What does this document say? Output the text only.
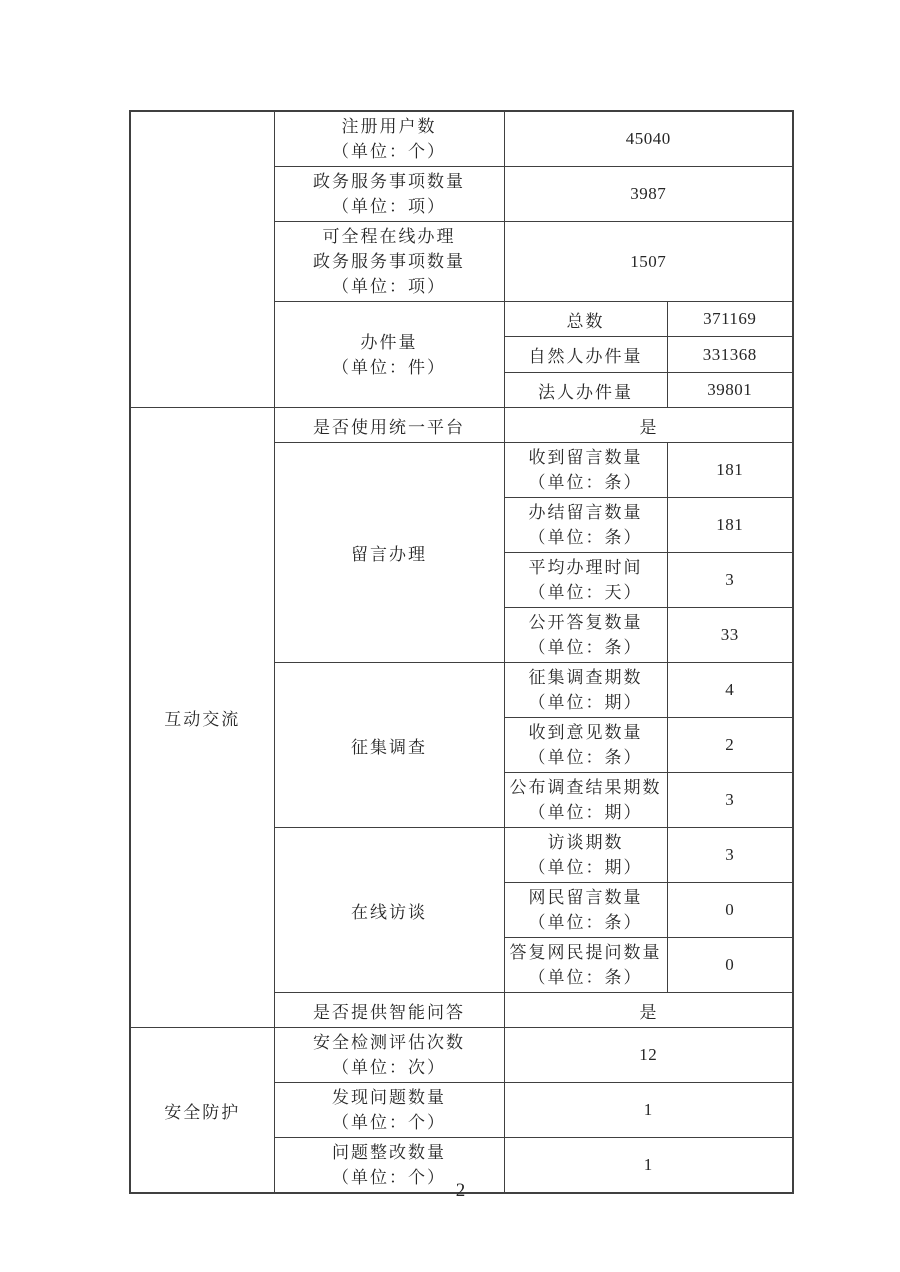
	注册用户数
（单位：个）	45040	

	政务服务事项数量
（单位：项）	3987	

	可全程在线办理
政务服务事项数量
（单位：项）	1507	

	办件量
（单位：件）	总数	371169
		自然人办件量	331368
		法人办件量	39801
互动交流	是否使用统一平台	是	
	留言办理	收到留言数量
（单位：条）	181

		办结留言数量
（单位：条）	181

		平均办理时间
（单位：天）	3

		公开答复数量
（单位：条）	33
	征集调查	征集调查期数
（单位：期）	4

		收到意见数量
（单位：条）	2

		公布调查结果期数
（单位：期）	3
	在线访谈	访谈期数
（单位：期）	3

		网民留言数量
（单位：条）	0

		答复网民提问数量
（单位：条）	0
	是否提供智能问答	是	
安全防护	安全检测评估次数
（单位：次）	12	

	发现问题数量
（单位：个）	1	

	问题整改数量
（单位：个）	1	
2
